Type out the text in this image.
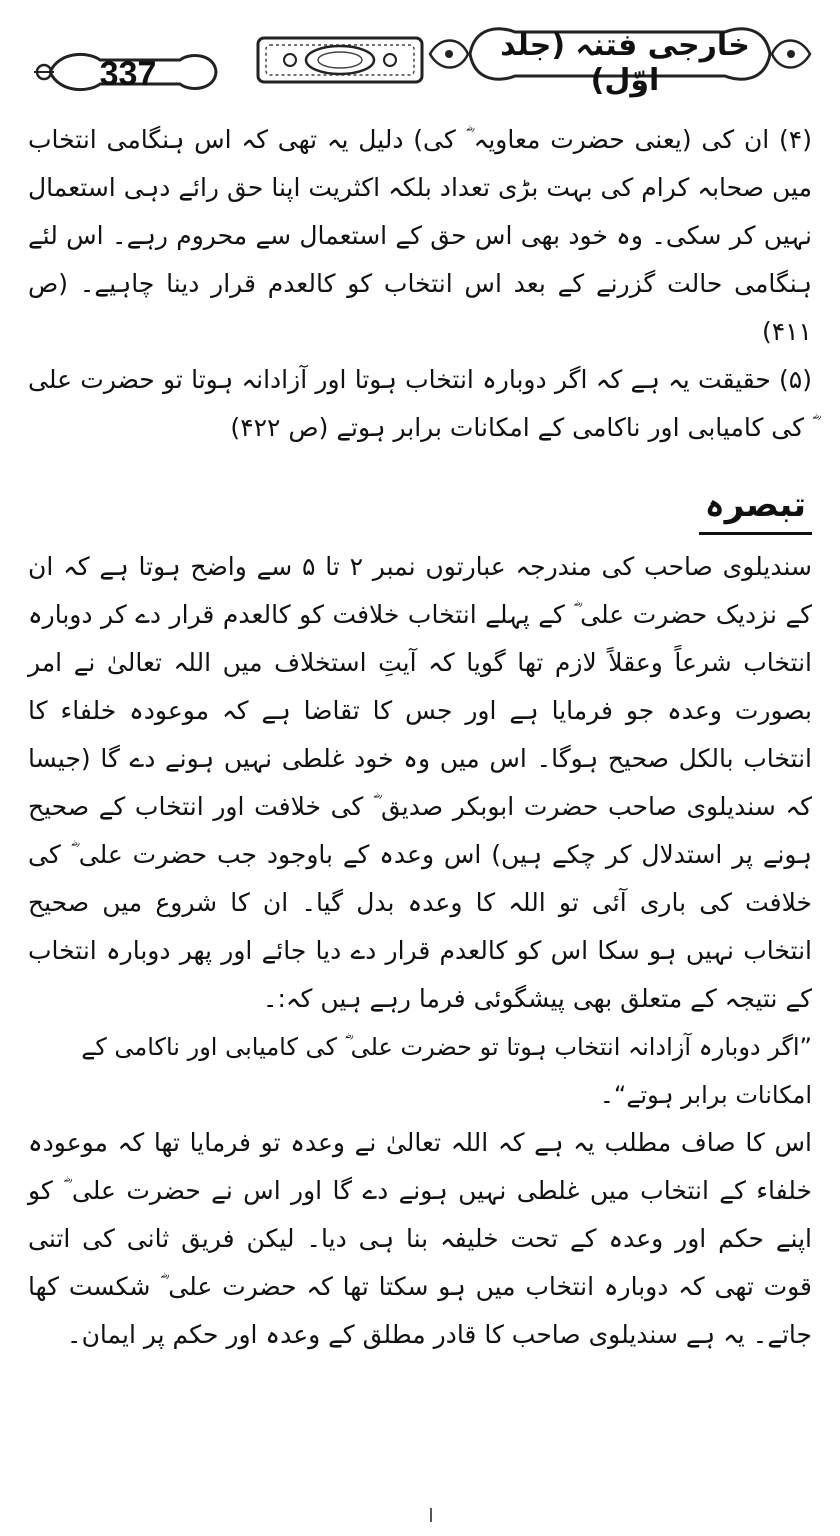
337
خارجی فتنہ (جلد اوّل)

(۴) ان کی (یعنی حضرت معاویہ ؓ کی) دلیل یہ تھی کہ اس ہنگامی انتخاب میں صحابہ کرام کی بہت بڑی تعداد بلکہ اکثریت اپنا حق رائے دہی استعمال نہیں کر سکی۔ وہ خود بھی اس حق کے استعمال سے محروم رہے۔ اس لئے ہنگامی حالت گزرنے کے بعد اس انتخاب کو کالعدم قرار دینا چاہیے۔ (ص ۴۱۱)

(۵) حقیقت یہ ہے کہ اگر دوبارہ انتخاب ہوتا اور آزادانہ ہوتا تو حضرت علی ؓ کی کامیابی اور ناکامی کے امکانات برابر ہوتے (ص ۴۲۲)

تبصرہ

سندیلوی صاحب کی مندرجہ عبارتوں نمبر ۲ تا ۵ سے واضح ہوتا ہے کہ ان کے نزدیک حضرت علی ؓ کے پہلے انتخاب خلافت کو کالعدم قرار دے کر دوبارہ انتخاب شرعاً وعقلاً لازم تھا گویا کہ آیتِ استخلاف میں اللہ تعالیٰ نے امر بصورت وعدہ جو فرمایا ہے اور جس کا تقاضا ہے کہ موعودہ خلفاء کا انتخاب بالکل صحیح ہوگا۔ اس میں وہ خود غلطی نہیں ہونے دے گا (جیسا کہ سندیلوی صاحب حضرت ابوبکر صدیق ؓ کی خلافت اور انتخاب کے صحیح ہونے پر استدلال کر چکے ہیں) اس وعدہ کے باوجود جب حضرت علی ؓ کی خلافت کی باری آئی تو اللہ کا وعدہ بدل گیا۔ ان کا شروع میں صحیح انتخاب نہیں ہو سکا اس کو کالعدم قرار دے دیا جائے اور پھر دوبارہ انتخاب کے نتیجہ کے متعلق بھی پیشگوئی فرما رہے ہیں کہ:۔

”اگر دوبارہ آزادانہ انتخاب ہوتا تو حضرت علی ؓ کی کامیابی اور ناکامی کے امکانات برابر ہوتے“۔

اس کا صاف مطلب یہ ہے کہ اللہ تعالیٰ نے وعدہ تو فرمایا تھا کہ موعودہ خلفاء کے انتخاب میں غلطی نہیں ہونے دے گا اور اس نے حضرت علی ؓ کو اپنے حکم اور وعدہ کے تحت خلیفہ بنا ہی دیا۔ لیکن فریق ثانی کی اتنی قوت تھی کہ دوبارہ انتخاب میں ہو سکتا تھا کہ حضرت علی ؓ شکست کھا جاتے۔ یہ ہے سندیلوی صاحب کا قادر مطلق کے وعدہ اور حکم پر ایمان۔
